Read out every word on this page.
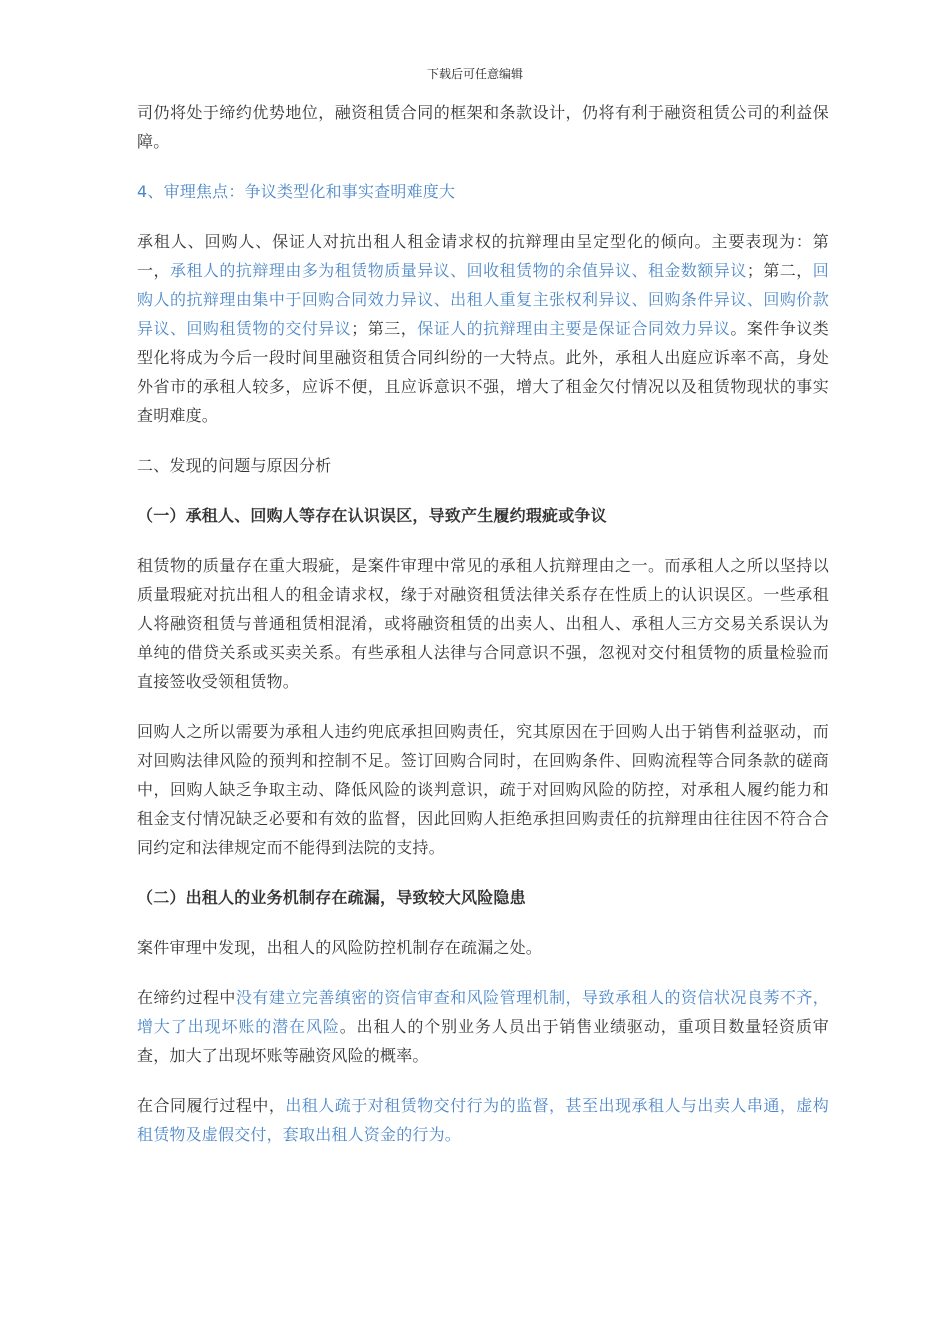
下载后可任意编辑

司仍将处于缔约优势地位，融资租赁合同的框架和条款设计，仍将有利于融资租赁公司的利益保障。

4、审理焦点：争议类型化和事实查明难度大

承租人、回购人、保证人对抗出租人租金请求权的抗辩理由呈定型化的倾向。主要表现为：第一，承租人的抗辩理由多为租赁物质量异议、回收租赁物的余值异议、租金数额异议；第二，回购人的抗辩理由集中于回购合同效力异议、出租人重复主张权利异议、回购条件异议、回购价款异议、回购租赁物的交付异议；第三，保证人的抗辩理由主要是保证合同效力异议。案件争议类型化将成为今后一段时间里融资租赁合同纠纷的一大特点。此外，承租人出庭应诉率不高，身处外省市的承租人较多，应诉不便，且应诉意识不强，增大了租金欠付情况以及租赁物现状的事实查明难度。

二、发现的问题与原因分析

（一）承租人、回购人等存在认识误区，导致产生履约瑕疵或争议

租赁物的质量存在重大瑕疵，是案件审理中常见的承租人抗辩理由之一。而承租人之所以坚持以质量瑕疵对抗出租人的租金请求权，缘于对融资租赁法律关系存在性质上的认识误区。一些承租人将融资租赁与普通租赁相混淆，或将融资租赁的出卖人、出租人、承租人三方交易关系误认为单纯的借贷关系或买卖关系。有些承租人法律与合同意识不强，忽视对交付租赁物的质量检验而直接签收受领租赁物。

回购人之所以需要为承租人违约兜底承担回购责任，究其原因在于回购人出于销售利益驱动，而对回购法律风险的预判和控制不足。签订回购合同时，在回购条件、回购流程等合同条款的磋商中，回购人缺乏争取主动、降低风险的谈判意识，疏于对回购风险的防控，对承租人履约能力和租金支付情况缺乏必要和有效的监督，因此回购人拒绝承担回购责任的抗辩理由往往因不符合合同约定和法律规定而不能得到法院的支持。

（二）出租人的业务机制存在疏漏，导致较大风险隐患

案件审理中发现，出租人的风险防控机制存在疏漏之处。

在缔约过程中没有建立完善缜密的资信审查和风险管理机制，导致承租人的资信状况良莠不齐，增大了出现坏账的潜在风险。出租人的个别业务人员出于销售业绩驱动，重项目数量轻资质审查，加大了出现坏账等融资风险的概率。

在合同履行过程中，出租人疏于对租赁物交付行为的监督，甚至出现承租人与出卖人串通，虚构租赁物及虚假交付，套取出租人资金的行为。
